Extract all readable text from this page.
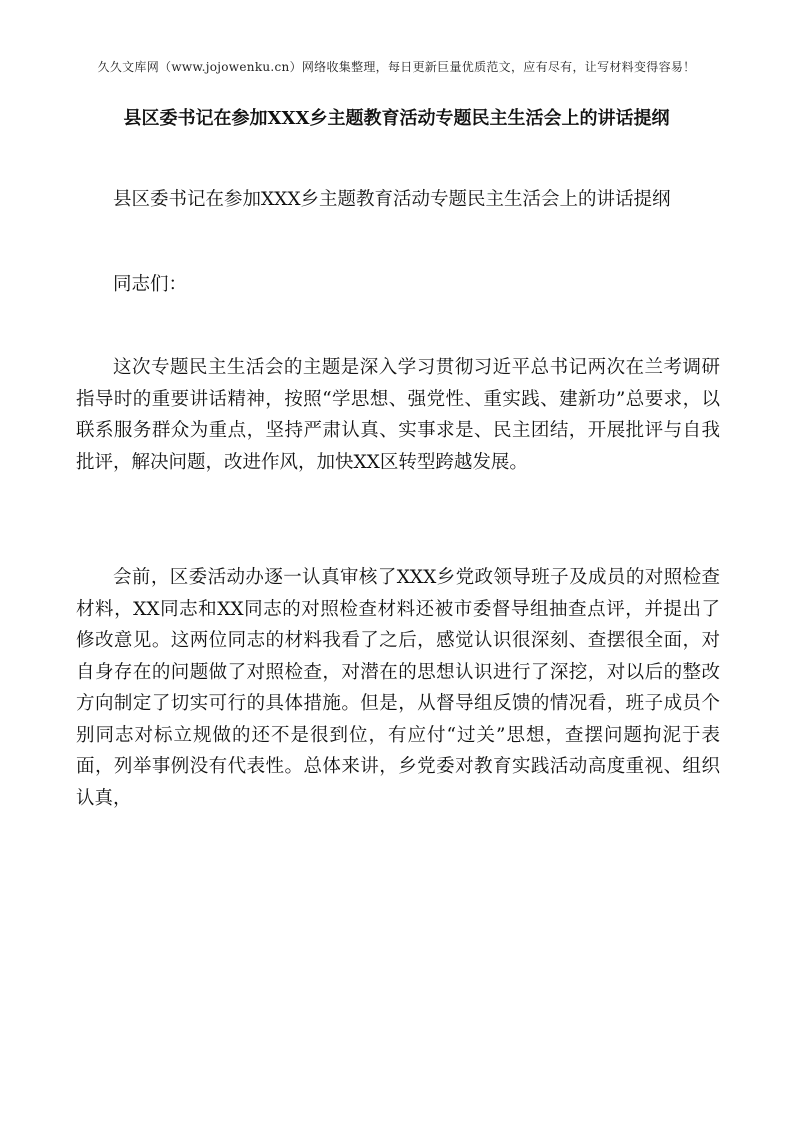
久久文库网（www.jojowenku.cn）网络收集整理，每日更新巨量优质范文，应有尽有，让写材料变得容易！
县区委书记在参加XXX乡主题教育活动专题民主生活会上的讲话提纲
县区委书记在参加XXX乡主题教育活动专题民主生活会上的讲话提纲
同志们：
这次专题民主生活会的主题是深入学习贯彻习近平总书记两次在兰考调研指导时的重要讲话精神，按照“学思想、强党性、重实践、建新功”总要求，以联系服务群众为重点，坚持严肃认真、实事求是、民主团结，开展批评与自我批评，解决问题，改进作风，加快XX区转型跨越发展。
会前，区委活动办逐一认真审核了XXX乡党政领导班子及成员的对照检查材料，XX同志和XX同志的对照检查材料还被市委督导组抽查点评，并提出了修改意见。这两位同志的材料我看了之后，感觉认识很深刻、查摆很全面，对自身存在的问题做了对照检查，对潜在的思想认识进行了深挖，对以后的整改方向制定了切实可行的具体措施。但是，从督导组反馈的情况看，班子成员个别同志对标立规做的还不是很到位，有应付“过关”思想，查摆问题拘泥于表面，列举事例没有代表性。总体来讲，乡党委对教育实践活动高度重视、组织认真，
